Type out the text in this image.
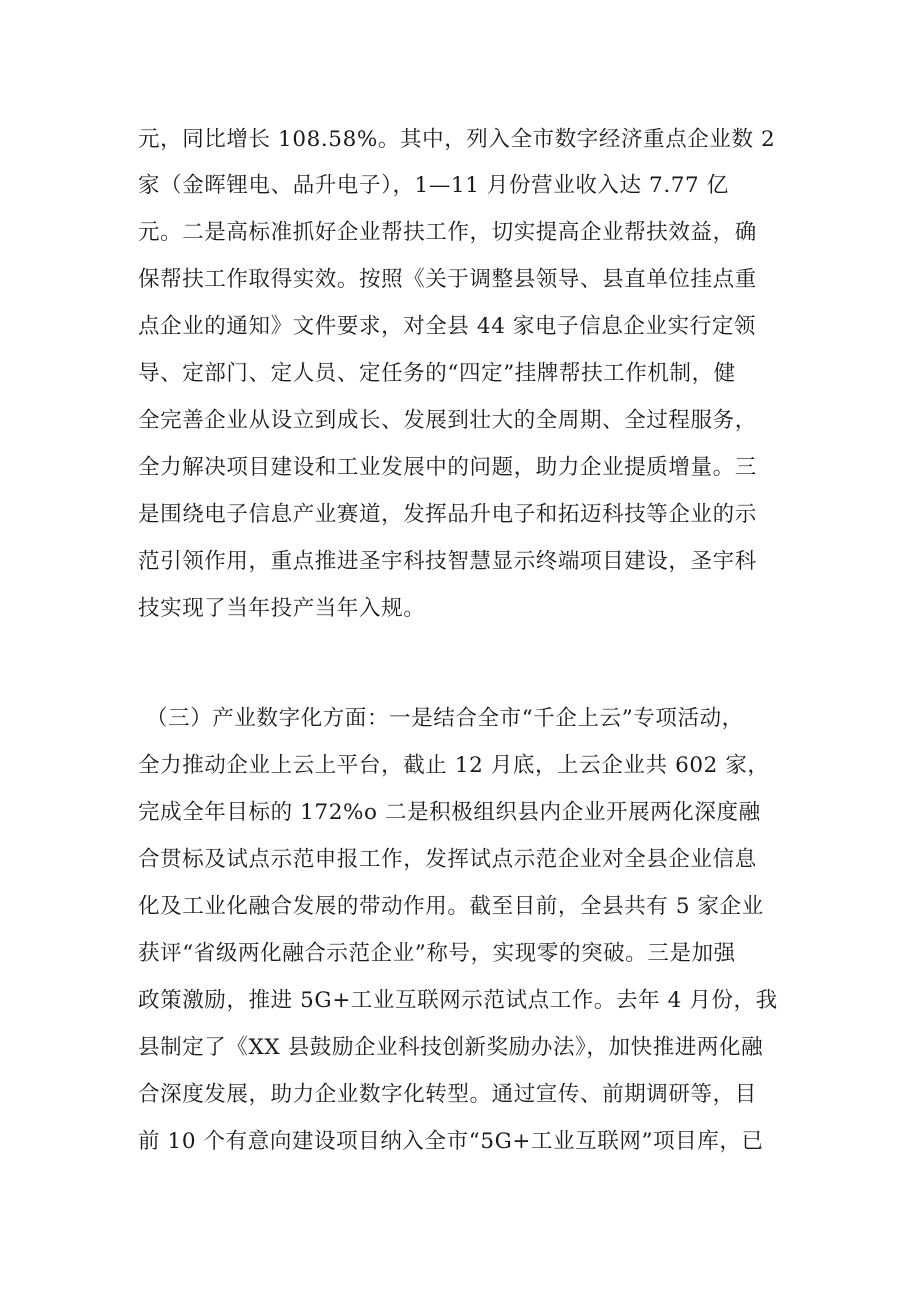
元，同比增长 108.58%。其中，列入全市数字经济重点企业数 2
家（金晖锂电、品升电子），1—11 月份营业收入达 7.77 亿
元。二是高标准抓好企业帮扶工作，切实提高企业帮扶效益，确
保帮扶工作取得实效。按照《关于调整县领导、县直单位挂点重
点企业的通知》文件要求，对全县 44 家电子信息企业实行定领
导、定部门、定人员、定任务的“四定”挂牌帮扶工作机制，健
全完善企业从设立到成长、发展到壮大的全周期、全过程服务，
全力解决项目建设和工业发展中的问题，助力企业提质增量。三
是围绕电子信息产业赛道，发挥品升电子和拓迈科技等企业的示
范引领作用，重点推进圣宇科技智慧显示终端项目建设，圣宇科
技实现了当年投产当年入规。
（三）产业数字化方面：一是结合全市“千企上云”专项活动，
全力推动企业上云上平台，截止 12 月底，上云企业共 602 家，
完成全年目标的 172%o 二是积极组织县内企业开展两化深度融
合贯标及试点示范申报工作，发挥试点示范企业对全县企业信息
化及工业化融合发展的带动作用。截至目前，全县共有 5 家企业
获评“省级两化融合示范企业”称号，实现零的突破。三是加强
政策激励，推进 5G+工业互联网示范试点工作。去年 4 月份，我
县制定了《XX 县鼓励企业科技创新奖励办法》，加快推进两化融
合深度发展，助力企业数字化转型。通过宣传、前期调研等，目
前 10 个有意向建设项目纳入全市“5G+工业互联网”项目库，已
